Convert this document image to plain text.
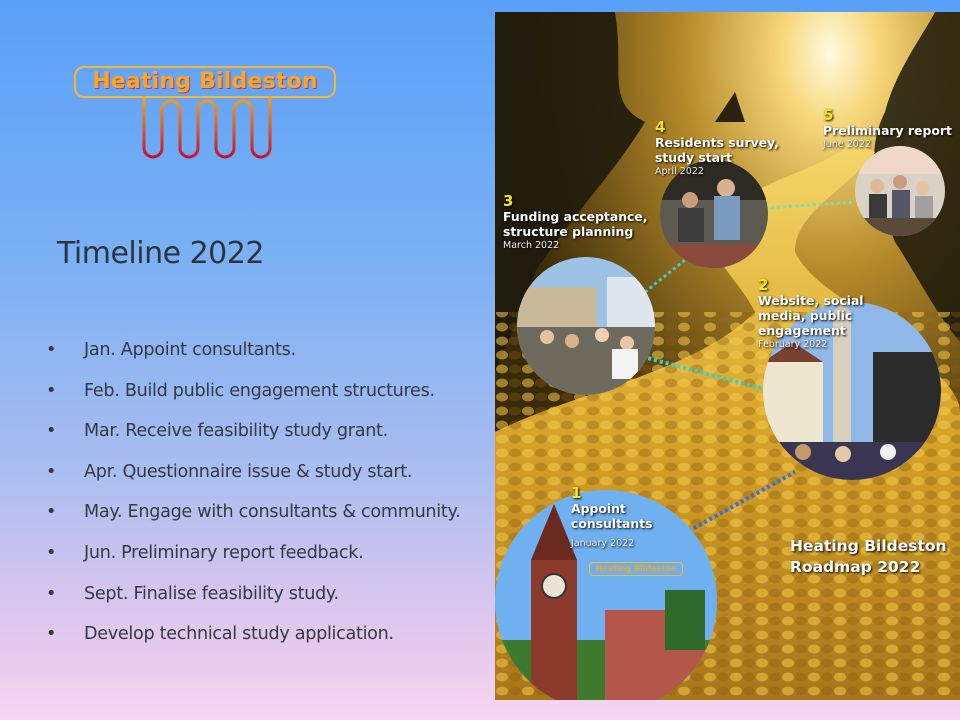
Heating Bildeston
Timeline 2022
• Jan. Appoint consultants.
• Feb. Build public engagement structures.
• Mar. Receive feasibility study grant.
• Apr. Questionnaire issue & study start.
• May. Engage with consultants & community.
• Jun. Preliminary report feedback.
• Sept. Finalise feasibility study.
• Develop technical study application.
1
Appoint
consultants
January 2022
Heating Bildeston
2
Website, social
media, public
engagement
February 2022
3
Funding acceptance,
structure planning
March 2022
4
Residents survey,
study start
April 2022
5
Preliminary report
June 2022
Heating Bildeston
Roadmap 2022
